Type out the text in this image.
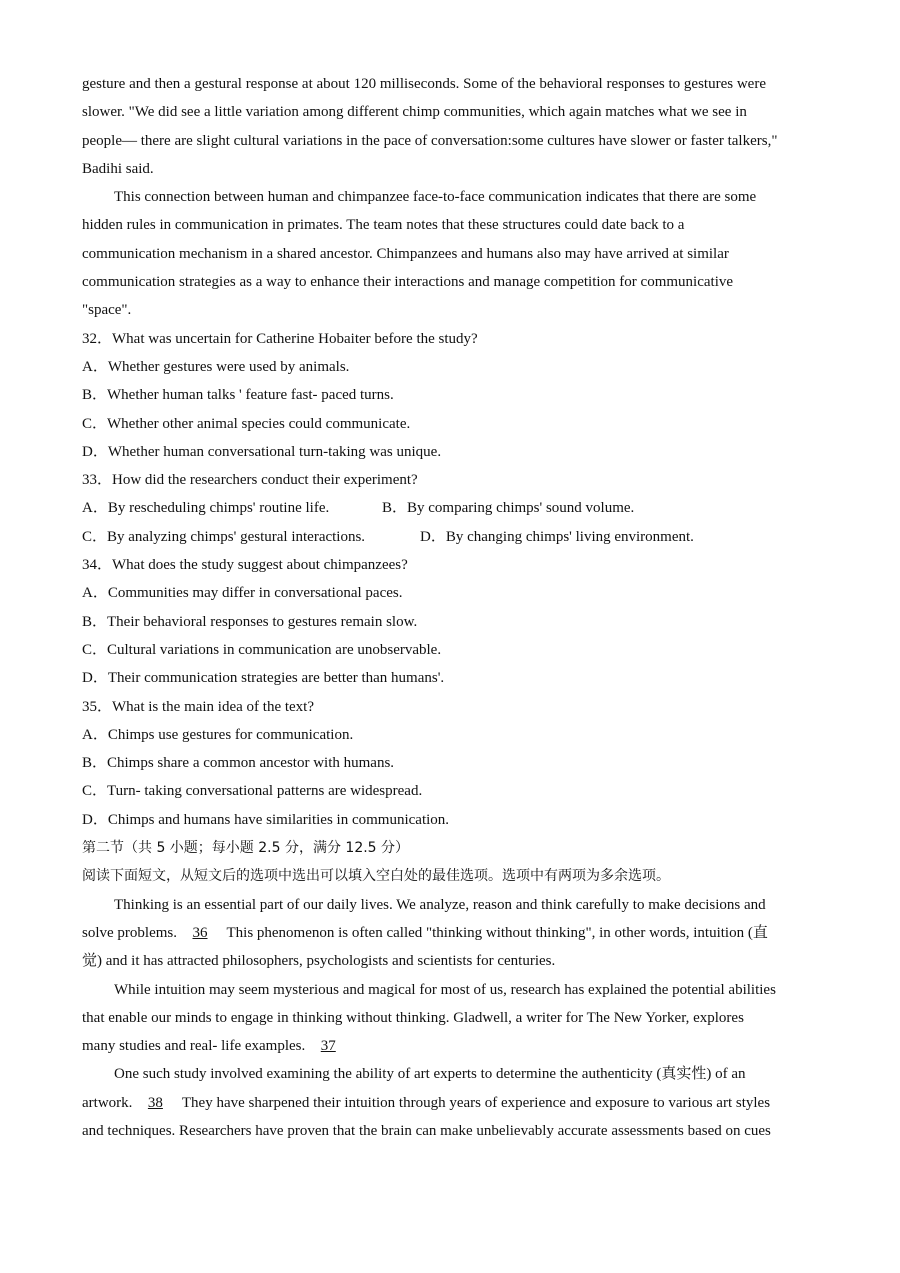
gesture and then a gestural response at about 120 milliseconds. Some of the behavioral responses to gestures were
slower. "We did see a little variation among different chimp communities, which again matches what we see in
people— there are slight cultural variations in the pace of conversation:some cultures have slower or faster talkers,"
Badihi said.
This connection between human and chimpanzee face-to-face communication indicates that there are some
hidden rules in communication in primates. The team notes that these structures could date back to a
communication mechanism in a shared ancestor. Chimpanzees and humans also may have arrived at similar
communication strategies as a way to enhance their interactions and manage competition for communicative
"space".
32．What was uncertain for Catherine Hobaiter before the study?
A．Whether gestures were used by animals.
B．Whether human talks ' feature fast- paced turns.
C．Whether other animal species could communicate.
D．Whether human conversational turn-taking was unique.
33．How did the researchers conduct their experiment?
A．By rescheduling chimps' routine life.	B．By comparing chimps' sound volume.
C．By analyzing chimps' gestural interactions.	D．By changing chimps' living environment.
34．What does the study suggest about chimpanzees?
A．Communities may differ in conversational paces.
B．Their behavioral responses to gestures remain slow.
C．Cultural variations in communication are unobservable.
D．Their communication strategies are better than humans'.
35．What is the main idea of the text?
A．Chimps use gestures for communication.
B．Chimps share a common ancestor with humans.
C．Turn- taking conversational patterns are widespread.
D．Chimps and humans have similarities in communication.
第二节（共 5 小题；每小题 2.5 分，满分 12.5 分）
阅读下面短文，从短文后的选项中选出可以填入空白处的最佳选项。选项中有两项为多余选项。
Thinking is an essential part of our daily lives. We analyze, reason and think carefully to make decisions and
solve problems. 36 This phenomenon is often called "thinking without thinking", in other words, intuition (直
觉) and it has attracted philosophers, psychologists and scientists for centuries.
While intuition may seem mysterious and magical for most of us, research has explained the potential abilities
that enable our minds to engage in thinking without thinking. Gladwell, a writer for The New Yorker, explores
many studies and real- life examples. 37
One such study involved examining the ability of art experts to determine the authenticity (真实性) of an
artwork. 38 They have sharpened their intuition through years of experience and exposure to various art styles
and techniques. Researchers have proven that the brain can make unbelievably accurate assessments based on cues
